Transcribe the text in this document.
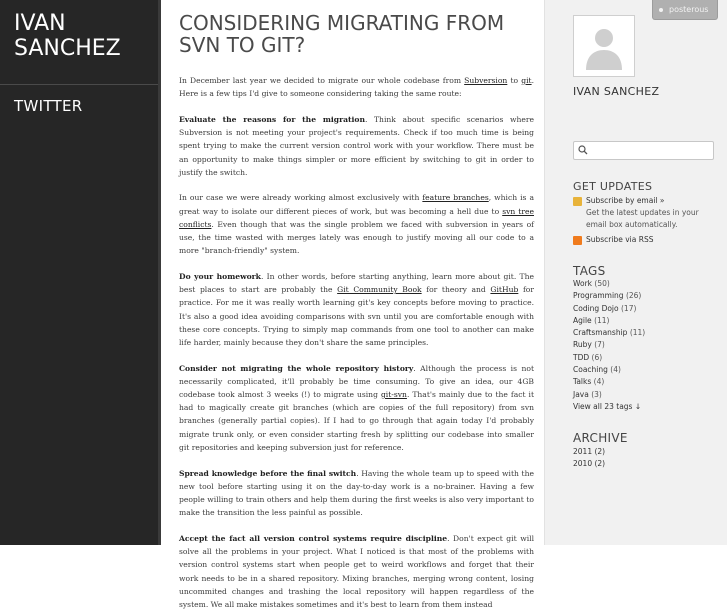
IVAN SANCHEZ
TWITTER
CONSIDERING MIGRATING FROM SVN TO GIT?

In December last year we decided to migrate our whole codebase from Subversion to git. Here is a few tips I'd give to someone considering taking the same route:

Evaluate the reasons for the migration. Think about specific scenarios where Subversion is not meeting your project's requirements. Check if too much time is being spent trying to make the current version control work with your workflow. There must be an opportunity to make things simpler or more efficient by switching to git in order to justify the switch.

In our case we were already working almost exclusively with feature branches, which is a great way to isolate our different pieces of work, but was becoming a hell due to svn tree conflicts. Even though that was the single problem we faced with subversion in years of use, the time wasted with merges lately was enough to justify moving all our code to a more "branch-friendly" system.

Do your homework. In other words, before starting anything, learn more about git. The best places to start are probably the Git Community Book for theory and GitHub for practice. For me it was really worth learning git's key concepts before moving to practice. It's also a good idea avoiding comparisons with svn until you are comfortable enough with these core concepts. Trying to simply map commands from one tool to another can make life harder, mainly because they don't share the same principles.

Consider not migrating the whole repository history. Although the process is not necessarily complicated, it'll probably be time consuming. To give an idea, our 4GB codebase took almost 3 weeks (!) to migrate using git-svn. That's mainly due to the fact it had to magically create git branches (which are copies of the full repository) from svn branches (generally partial copies). If I had to go through that again today I'd probably migrate trunk only, or even consider starting fresh by splitting our codebase into smaller git repositories and keeping subversion just for reference.

Spread knowledge before the final switch. Having the whole team up to speed with the new tool before starting using it on the day-to-day work is a no-brainer. Having a few people willing to train others and help them during the first weeks is also very important to make the transition the less painful as possible.

Accept the fact all version control systems require discipline. Don't expect git will solve all the problems in your project. What I noticed is that most of the problems with version control systems start when people get to weird workflows and forget that their work needs to be in a shared repository. Mixing branches, merging wrong content, losing uncommited changes and trashing the local repository will happen regardless of the system. We all make mistakes sometimes and it's best to learn from them instead

IVAN SANCHEZ
GET UPDATES
Subscribe by email »
Get the latest updates in your email box automatically.
Subscribe via RSS
TAGS
Work (50)
Programming (26)
Coding Dojo (17)
Agile (11)
Craftsmanship (11)
Ruby (7)
TDD (6)
Coaching (4)
Talks (4)
Java (3)
View all 23 tags ↓
ARCHIVE
2011 (2)
2010 (2)
posterous
